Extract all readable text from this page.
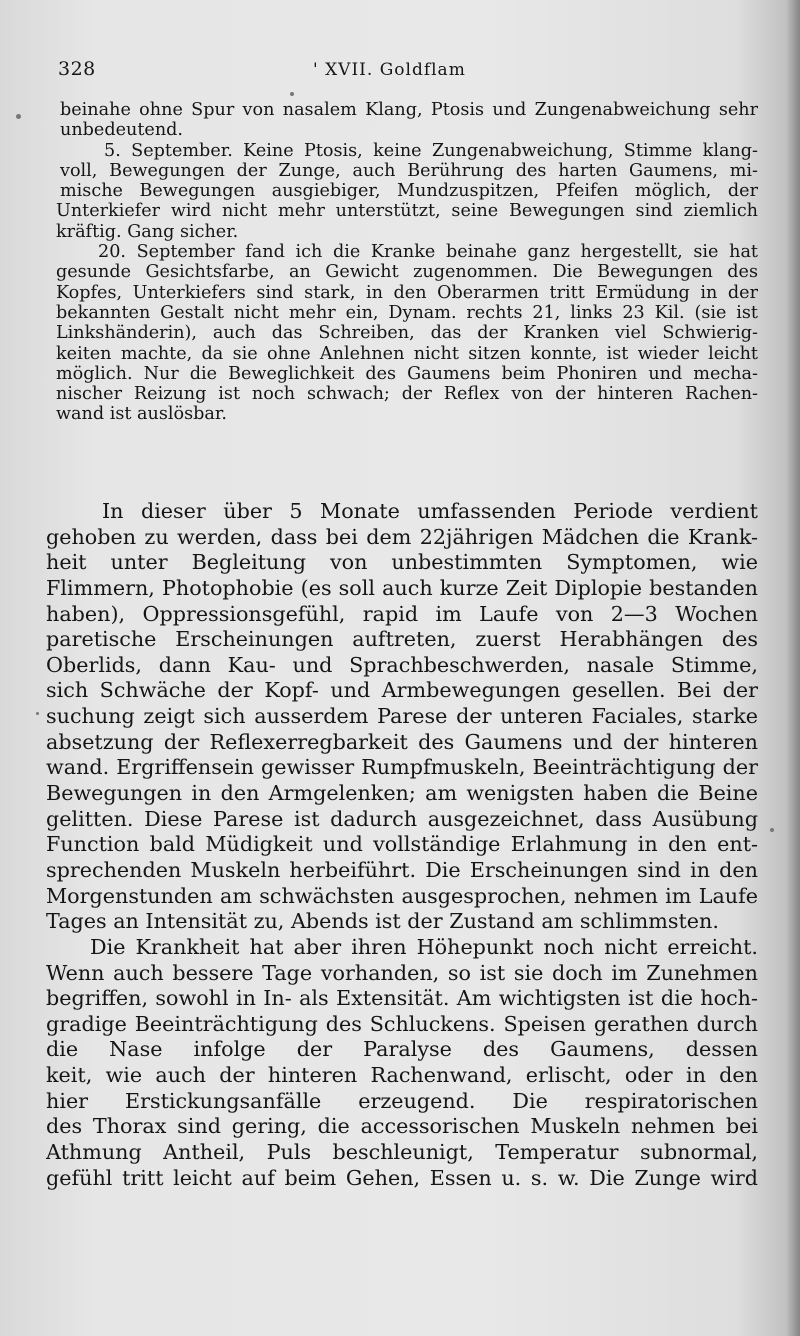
328	' XVII. Goldflam
beinahe ohne Spur von nasalem Klang, Ptosis und Zungenabweichung sehr
unbedeutend.
5. September. Keine Ptosis, keine Zungenabweichung, Stimme klang-
voll, Bewegungen der Zunge, auch Berührung des harten Gaumens, mi-
mische Bewegungen ausgiebiger, Mundzuspitzen, Pfeifen möglich, der
Unterkiefer wird nicht mehr unterstützt, seine Bewegungen sind ziemlich
kräftig. Gang sicher.
20. September fand ich die Kranke beinahe ganz hergestellt, sie hat
gesunde Gesichtsfarbe, an Gewicht zugenommen. Die Bewegungen des
Kopfes, Unterkiefers sind stark, in den Oberarmen tritt Ermüdung in der
bekannten Gestalt nicht mehr ein, Dynam. rechts 21, links 23 Kil. (sie ist
Linkshänderin), auch das Schreiben, das der Kranken viel Schwierig-
keiten machte, da sie ohne Anlehnen nicht sitzen konnte, ist wieder leicht
möglich. Nur die Beweglichkeit des Gaumens beim Phoniren und mecha-
nischer Reizung ist noch schwach; der Reflex von der hinteren Rachen-
wand ist auslösbar.
In dieser über 5 Monate umfassenden Periode verdient
gehoben zu werden, dass bei dem 22jährigen Mädchen die Krank-
heit unter Begleitung von unbestimmten Symptomen, wie
Flimmern, Photophobie (es soll auch kurze Zeit Diplopie bestanden
haben), Oppressionsgefühl, rapid im Laufe von 2—3 Wochen
paretische Erscheinungen auftreten, zuerst Herabhängen des
Oberlids, dann Kau- und Sprachbeschwerden, nasale Stimme,
sich Schwäche der Kopf- und Armbewegungen gesellen. Bei der
suchung zeigt sich ausserdem Parese der unteren Faciales, starke
absetzung der Reflexerregbarkeit des Gaumens und der hinteren
wand. Ergriffensein gewisser Rumpfmuskeln, Beeinträchtigung der
Bewegungen in den Armgelenken; am wenigsten haben die Beine
gelitten. Diese Parese ist dadurch ausgezeichnet, dass Ausübung
Function bald Müdigkeit und vollständige Erlahmung in den ent-
sprechenden Muskeln herbeiführt. Die Erscheinungen sind in den
Morgenstunden am schwächsten ausgesprochen, nehmen im Laufe
Tages an Intensität zu, Abends ist der Zustand am schlimmsten.
Die Krankheit hat aber ihren Höhepunkt noch nicht erreicht.
Wenn auch bessere Tage vorhanden, so ist sie doch im Zunehmen
begriffen, sowohl in In- als Extensität. Am wichtigsten ist die hoch-
gradige Beeinträchtigung des Schluckens. Speisen gerathen durch
die Nase infolge der Paralyse des Gaumens, dessen
keit, wie auch der hinteren Rachenwand, erlischt, oder in den
hier Erstickungsanfälle erzeugend. Die respiratorischen
des Thorax sind gering, die accessorischen Muskeln nehmen bei
Athmung Antheil, Puls beschleunigt, Temperatur subnormal,
gefühl tritt leicht auf beim Gehen, Essen u. s. w. Die Zunge wird
